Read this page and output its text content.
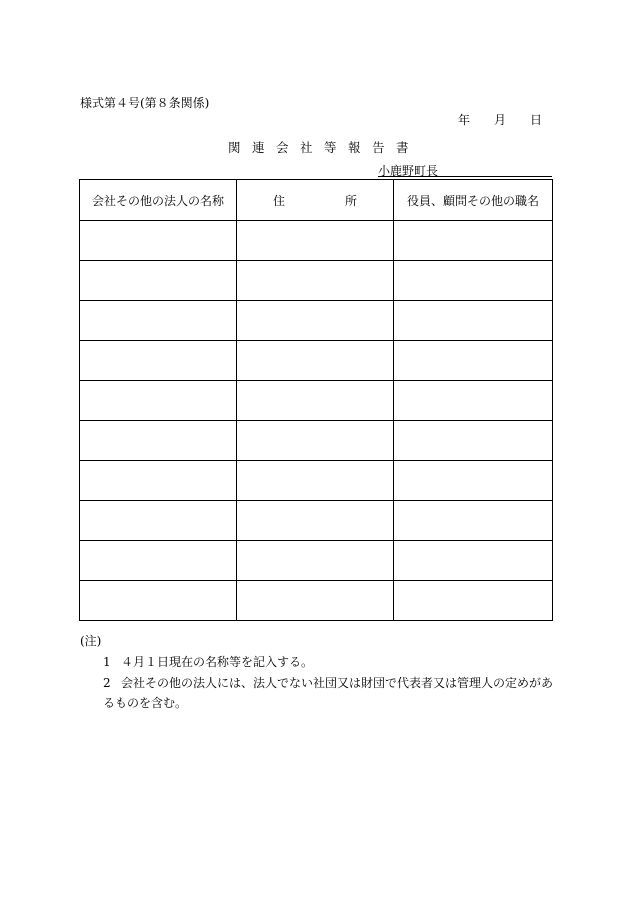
様式第４号(第８条関係)
年 月 日
関 連 会 社 等 報 告 書
小鹿野町長
会社その他の法人の名称	住　　　　　所	役員、顧問その他の職名

(注)
1 ４月１日現在の名称等を記入する。
2 会社その他の法人には、法人でない社団又は財団で代表者又は管理人の定めがあるものを含む。
